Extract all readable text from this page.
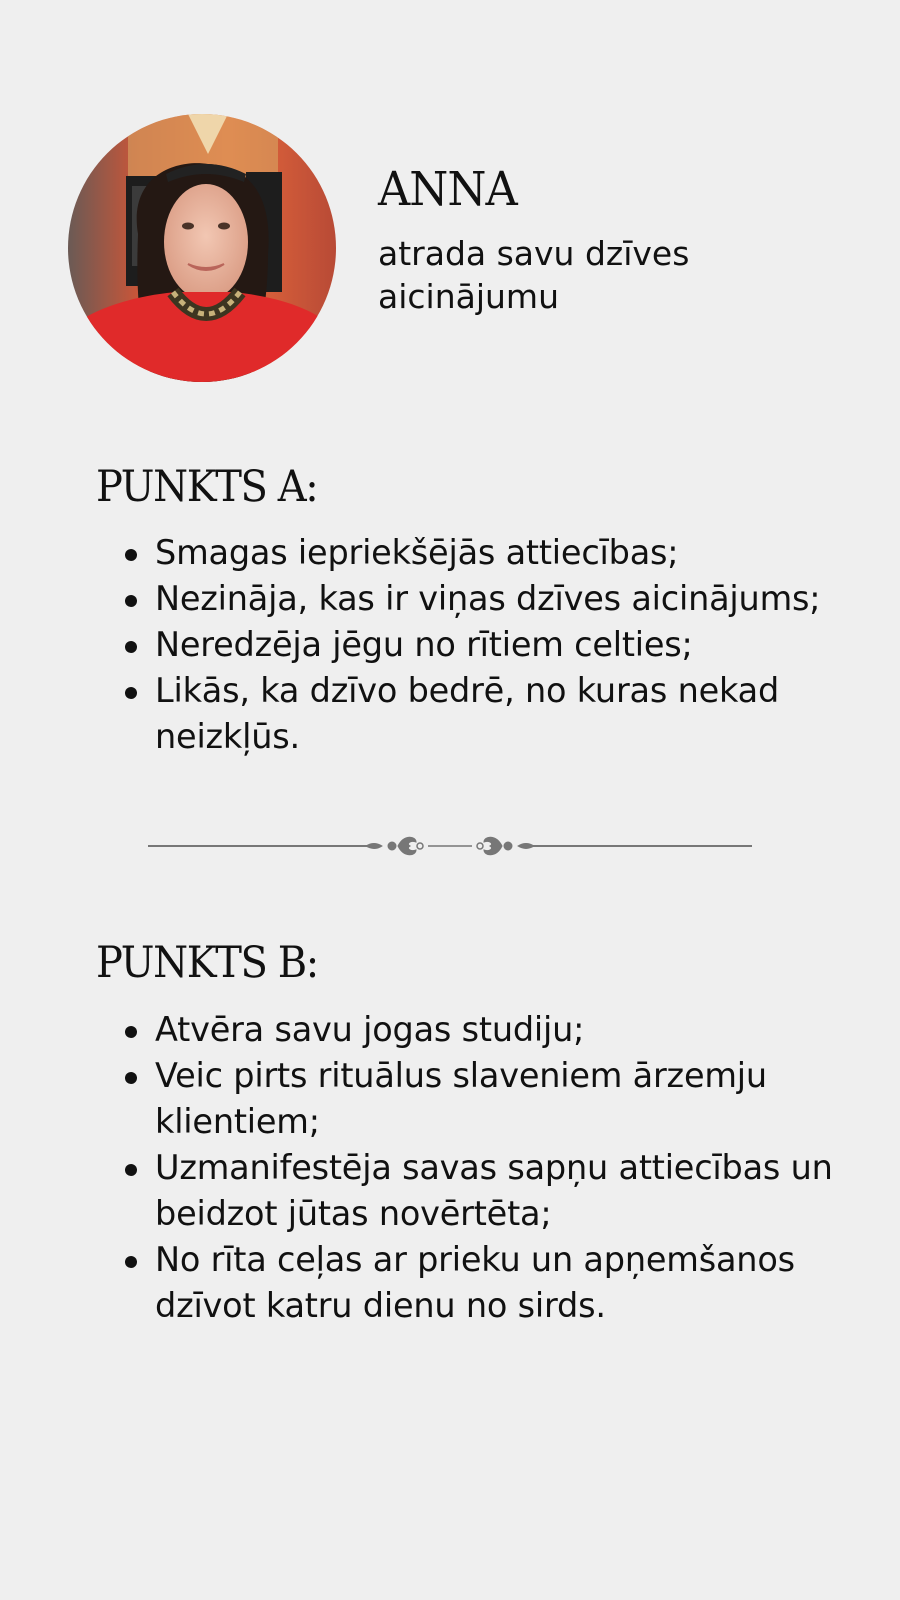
ANNA

atrada savu dzīves aicinājumu

PUNKTS A:
Smagas iepriekšējās attiecības;
Nezināja, kas ir viņas dzīves aicinājums;
Neredzēja jēgu no rītiem celties;
Likās, ka dzīvo bedrē, no kuras nekad neizkļūs.
PUNKTS B:
Atvēra savu jogas studiju;
Veic pirts rituālus slaveniem ārzemju klientiem;
Uzmanifestēja savas sapņu attiecības un beidzot jūtas novērtēta;
No rīta ceļas ar prieku un apņemšanos dzīvot katru dienu no sirds.
